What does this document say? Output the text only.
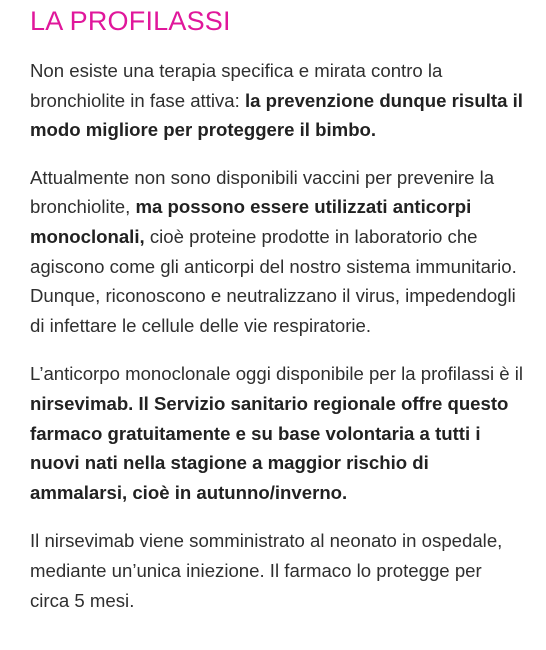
LA PROFILASSI

Non esiste una terapia specifica e mirata contro la bronchiolite in fase attiva: la prevenzione dunque risulta il modo migliore per proteggere il bimbo.

Attualmente non sono disponibili vaccini per prevenire la bronchiolite, ma possono essere utilizzati anticorpi monoclonali, cioè proteine prodotte in laboratorio che agiscono come gli anticorpi del nostro sistema immunitario. Dunque, riconoscono e neutralizzano il virus, impedendogli di infettare le cellule delle vie respiratorie.

L’anticorpo monoclonale oggi disponibile per la profilassi è il nirsevimab. Il Servizio sanitario regionale offre questo farmaco gratuitamente e su base volontaria a tutti i nuovi nati nella stagione a maggior rischio di ammalarsi, cioè in autunno/inverno.

Il nirsevimab viene somministrato al neonato in ospedale, mediante un’unica iniezione. Il farmaco lo protegge per circa 5 mesi.
